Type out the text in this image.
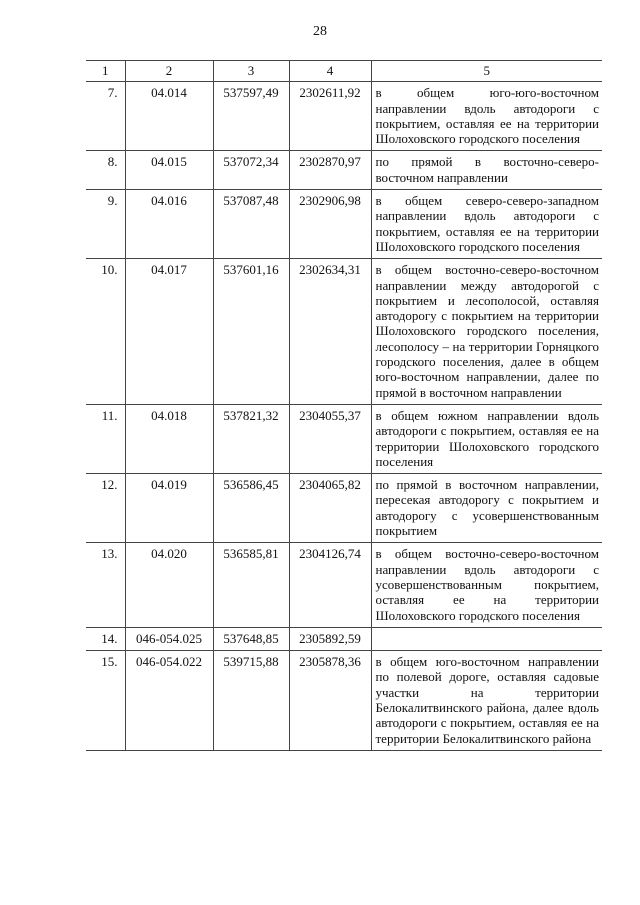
28
1	2	3	4	5
7.	04.014	537597,49	2302611,92	в общем юго-юго-восточном направлении вдоль автодороги с покрытием, оставляя ее на территории Шолоховского городского поселения
8.	04.015	537072,34	2302870,97	по прямой в восточно-северо-восточном направлении
9.	04.016	537087,48	2302906,98	в общем северо-северо-западном направлении вдоль автодороги с покрытием, оставляя ее на территории Шолоховского городского поселения
10.	04.017	537601,16	2302634,31	в общем восточно-северо-восточном направлении между автодорогой с покрытием и лесополосой, оставляя автодорогу с покрытием на территории Шолоховского городского поселения, лесополосу – на территории Горняцкого городского поселения, далее в общем юго-восточном направлении, далее по прямой в восточном направлении
11.	04.018	537821,32	2304055,37	в общем южном направлении вдоль автодороги с покрытием, оставляя ее на территории Шолоховского городского поселения
12.	04.019	536586,45	2304065,82	по прямой в восточном направлении, пересекая автодорогу с покрытием и автодорогу с усовершенствованным покрытием
13.	04.020	536585,81	2304126,74	в общем восточно-северо-восточном направлении вдоль автодороги с усовершенствованным покрытием, оставляя ее на территории Шолоховского городского поселения
14.	046-054.025	537648,85	2305892,59	
15.	046-054.022	539715,88	2305878,36	в общем юго-восточном направлении по полевой дороге, оставляя садовые участки на территории Белокалитвинского района, далее вдоль автодороги с покрытием, оставляя ее на территории Белокалитвинского района
